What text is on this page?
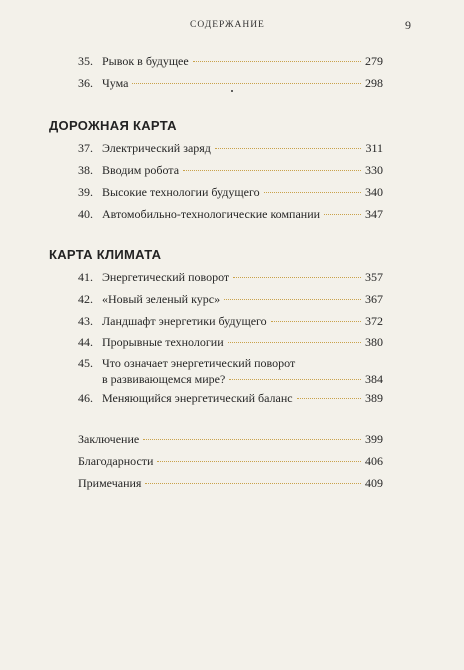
СОДЕРЖАНИЕ	9
35. Рывок в будущее	279
36. Чума	298
ДОРОЖНАЯ КАРТА
37. Электрический заряд	311
38. Вводим робота	330
39. Высокие технологии будущего	340
40. Автомобильно-технологические компании	347
КАРТА КЛИМАТА
41. Энергетический поворот	357
42. «Новый зеленый курс»	367
43. Ландшафт энергетики будущего	372
44. Прорывные технологии	380
45. Что означает энергетический поворот
в развивающемся мире?	384
46. Меняющийся энергетический баланс	389
Заключение	399
Благодарности	406
Примечания	409
